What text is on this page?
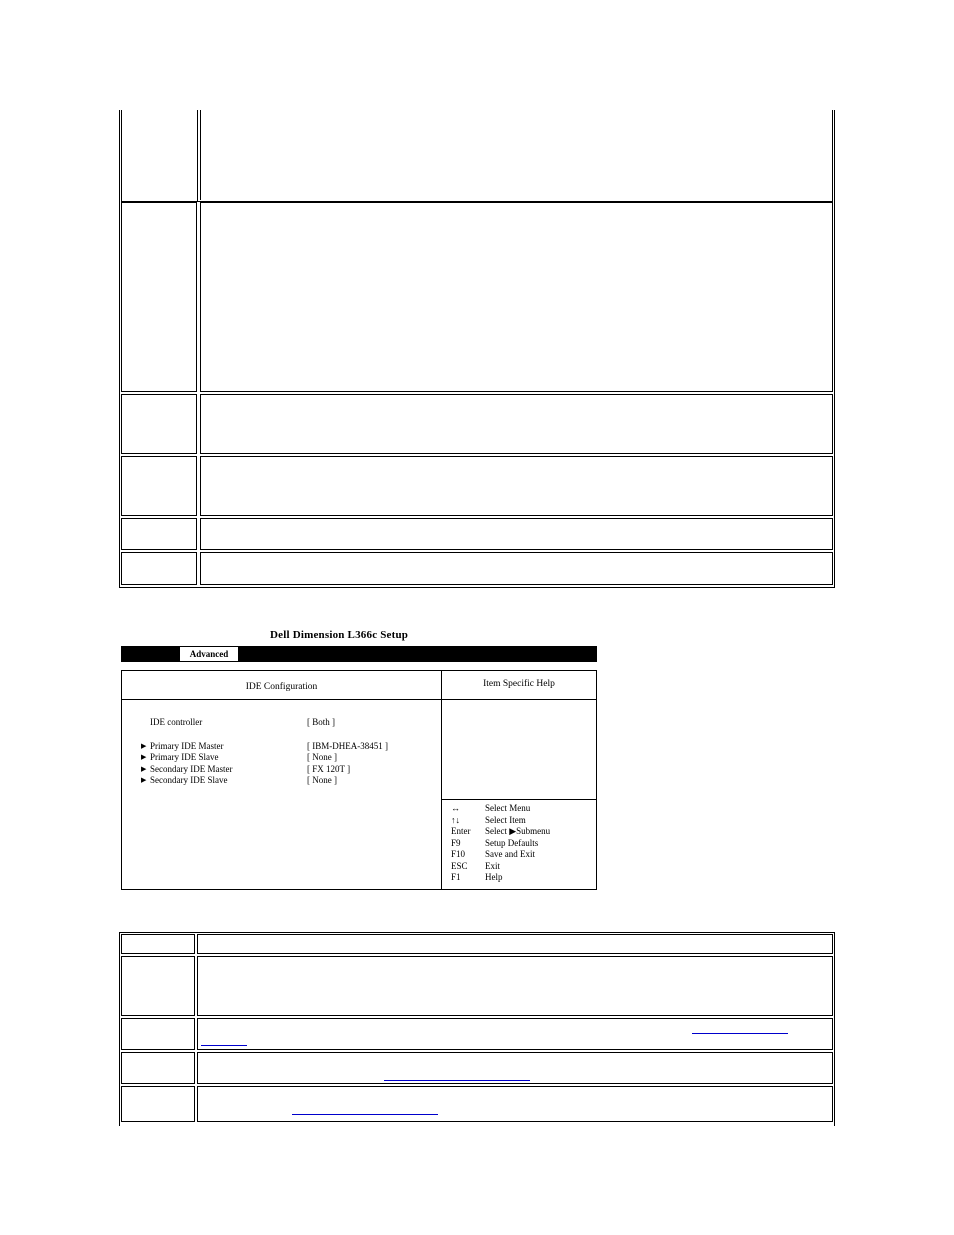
Dell Dimension L366c Setup
Advanced
IDE Configuration
IDE controller	[ Both ]
▶ Primary IDE Master	[ IBM-DHEA-38451 ]
▶ Primary IDE Slave	[ None ]
▶ Secondary IDE Master	[ FX 120T ]
▶ Secondary IDE Slave	[ None ]
Item Specific Help
↔	Select Menu
↑↓	Select Item
Enter Select ▶Submenu
F9	Setup Defaults
F10 Save and Exit
ESC Exit
F1	Help
